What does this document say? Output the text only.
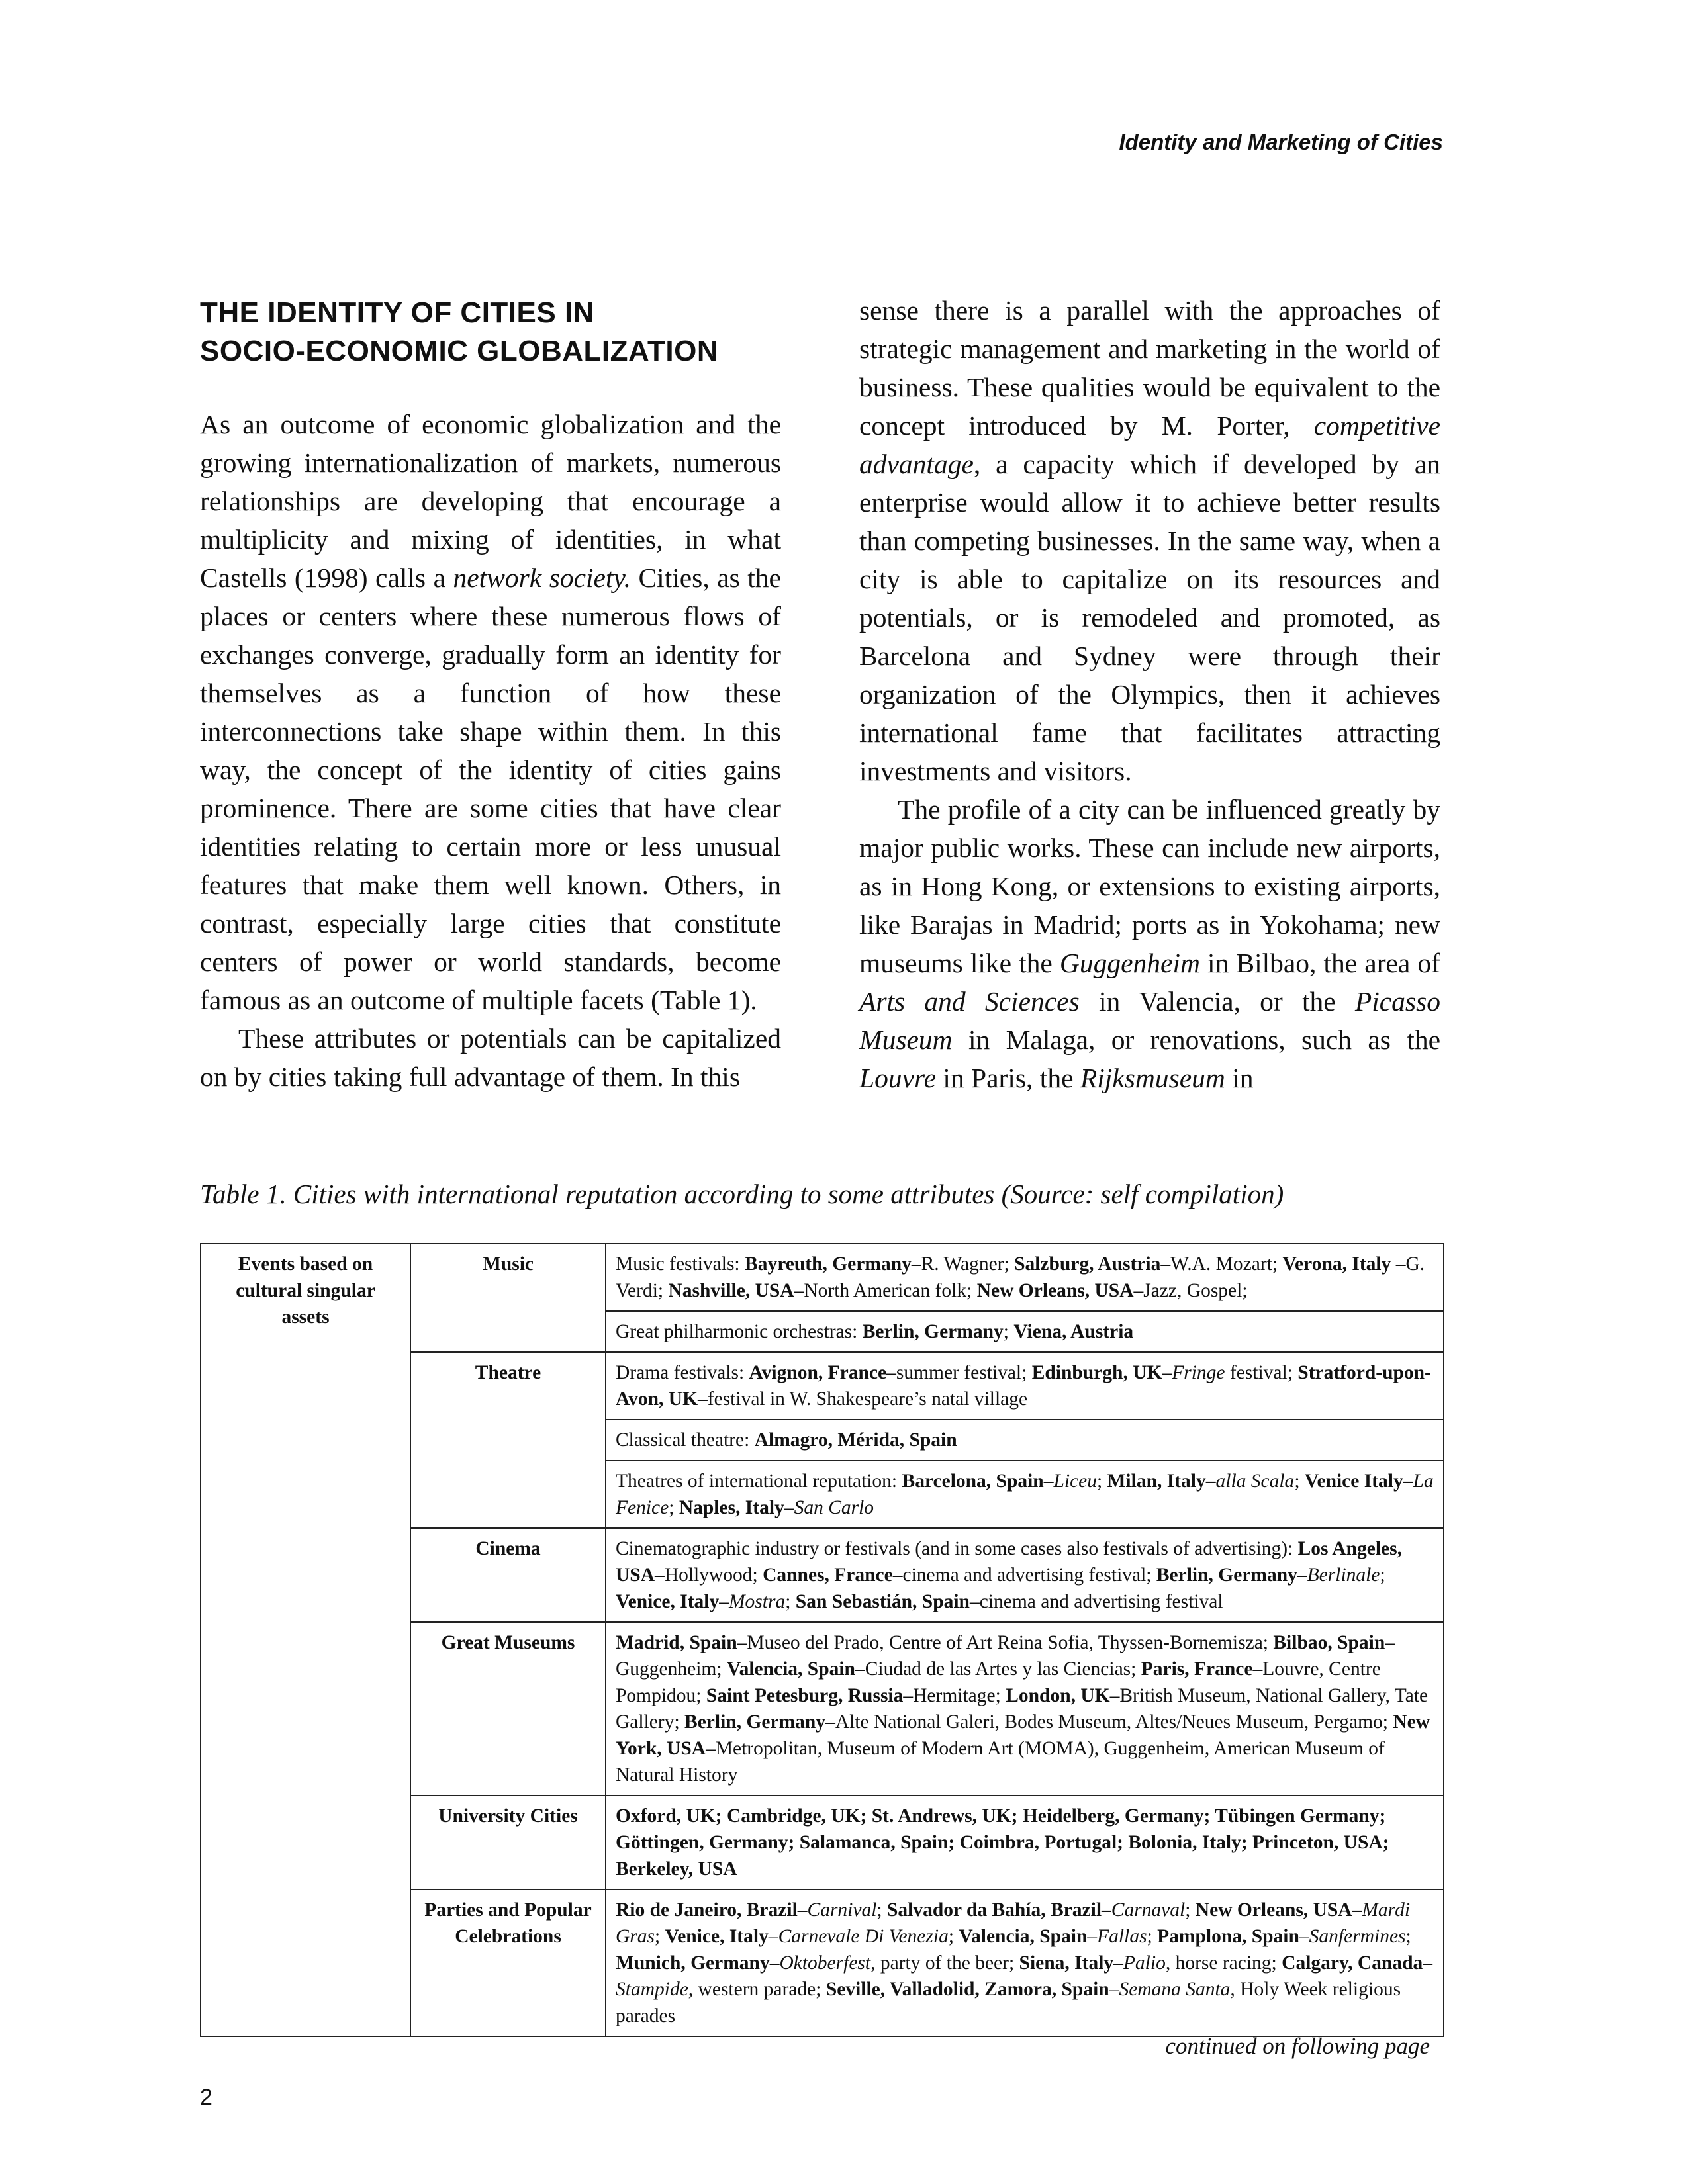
Identity and Marketing of Cities
THE IDENTITY OF CITIES IN
SOCIO-ECONOMIC GLOBALIZATION

As an outcome of economic globalization and the growing internationalization of markets, numerous relationships are developing that encourage a multiplicity and mixing of identities, in what Castells (1998) calls a network society. Cities, as the places or centers where these numerous flows of exchanges converge, gradually form an identity for themselves as a function of how these interconnections take shape within them. In this way, the concept of the identity of cities gains prominence. There are some cities that have clear identities relating to certain more or less unusual features that make them well known. Others, in contrast, especially large cities that constitute centers of power or world standards, become famous as an outcome of multiple facets (Table 1).

These attributes or potentials can be capitalized on by cities taking full advantage of them. In this

sense there is a parallel with the approaches of strategic management and marketing in the world of business. These qualities would be equivalent to the concept introduced by M. Porter, competitive advantage, a capacity which if developed by an enterprise would allow it to achieve better results than competing businesses. In the same way, when a city is able to capitalize on its resources and potentials, or is remodeled and promoted, as Barcelona and Sydney were through their organization of the Olympics, then it achieves international fame that facilitates attracting investments and visitors.

The profile of a city can be influenced greatly by major public works. These can include new airports, as in Hong Kong, or extensions to existing airports, like Barajas in Madrid; ports as in Yokohama; new museums like the Guggenheim in Bilbao, the area of Arts and Sciences in Valencia, or the Picasso Museum in Malaga, or renovations, such as the Louvre in Paris, the Rijksmuseum in

Table 1. Cities with international reputation according to some attributes (Source: self compilation)
Events based on cultural singular assets	Music	Music festivals: Bayreuth, Germany–R. Wagner; Salzburg, Austria–W.A. Mozart; Verona, Italy –G. Verdi; Nashville, USA–North American folk; New Orleans, USA–Jazz, Gospel;
		Great philharmonic orchestras: Berlin, Germany; Viena, Austria
	Theatre	Drama festivals: Avignon, France–summer festival; Edinburgh, UK–Fringe festival; Stratford-upon-Avon, UK–festival in W. Shakespeare’s natal village
		Classical theatre: Almagro, Mérida, Spain
		Theatres of international reputation: Barcelona, Spain–Liceu; Milan, Italy–alla Scala; Venice Italy–La Fenice; Naples, Italy–San Carlo
	Cinema	Cinematographic industry or festivals (and in some cases also festivals of advertising): Los Angeles, USA–Hollywood; Cannes, France–cinema and advertising festival; Berlin, Germany–Berlinale; Venice, Italy–Mostra; San Sebastián, Spain–cinema and advertising festival
	Great Museums	Madrid, Spain–Museo del Prado, Centre of Art Reina Sofia, Thyssen-Bornemisza; Bilbao, Spain–Guggenheim; Valencia, Spain–Ciudad de las Artes y las Ciencias; Paris, France–Louvre, Centre Pompidou; Saint Petesburg, Russia–Hermitage; London, UK–British Museum, National Gallery, Tate Gallery; Berlin, Germany–Alte National Galeri, Bodes Museum, Altes/Neues Museum, Pergamo; New York, USA–Metropolitan, Museum of Modern Art (MOMA), Guggenheim, American Museum of Natural History
	University Cities	Oxford, UK; Cambridge, UK; St. Andrews, UK; Heidelberg, Germany; Tübingen Germany; Göttingen, Germany; Salamanca, Spain; Coimbra, Portugal; Bolonia, Italy; Princeton, USA; Berkeley, USA
	Parties and Popular Celebrations	Rio de Janeiro, Brazil–Carnival; Salvador da Bahía, Brazil–Carnaval; New Orleans, USA–Mardi Gras; Venice, Italy–Carnevale Di Venezia; Valencia, Spain–Fallas; Pamplona, Spain–Sanfermines; Munich, Germany–Oktoberfest, party of the beer; Siena, Italy–Palio, horse racing; Calgary, Canada–Stampide, western parade; Seville, Valladolid, Zamora, Spain–Semana Santa, Holy Week religious parades
continued on following page
2
